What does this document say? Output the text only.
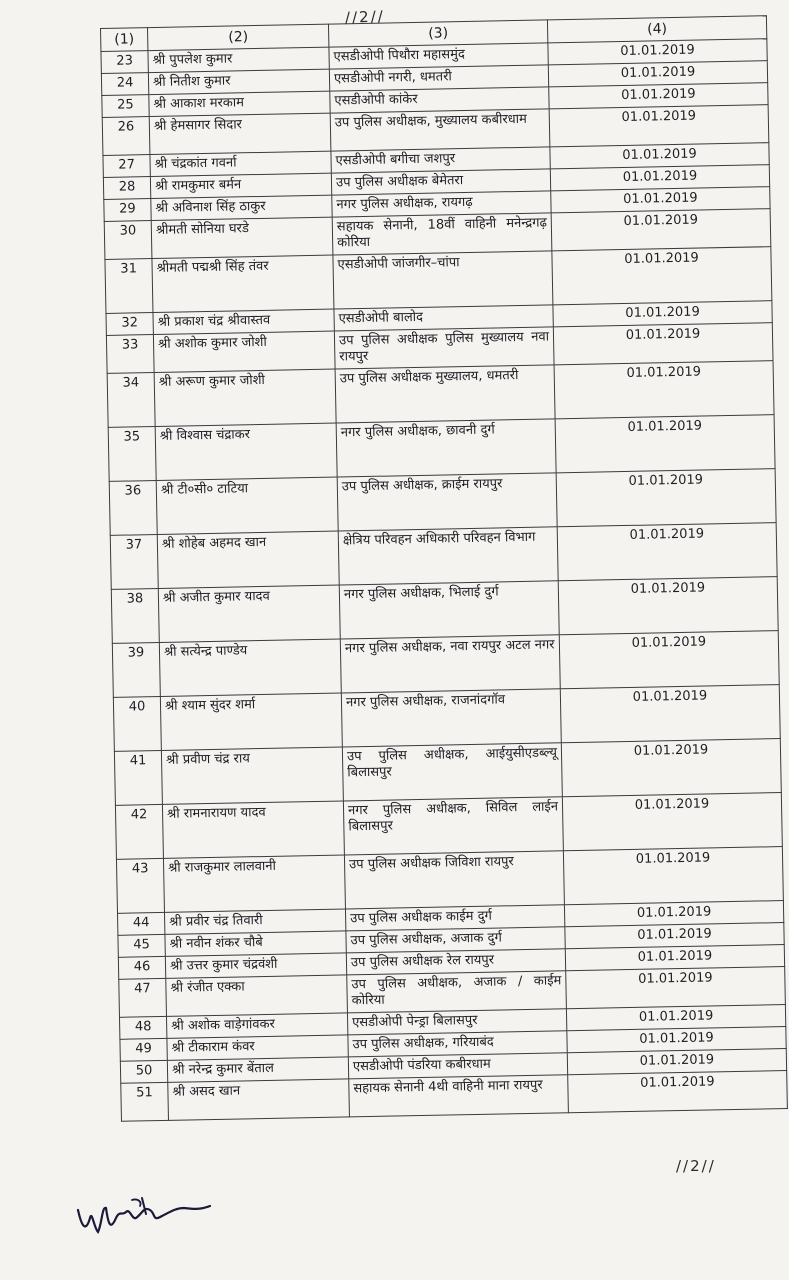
//2//
(1)	(2)	(3)	(4)
23	श्री पुपलेश कुमार	एसडीओपी पिथौरा महासमुंद	01.01.2019
24	श्री नितीश कुमार	एसडीओपी नगरी, धमतरी	01.01.2019
25	श्री आकाश मरकाम	एसडीओपी कांकेर	01.01.2019
26	श्री हेमसागर सिदार	उप पुलिस अधीक्षक, मुख्यालय कबीरधाम	01.01.2019
27	श्री चंद्रकांत गवर्ना	एसडीओपी बगीचा जशपुर	01.01.2019
28	श्री रामकुमार बर्मन	उप पुलिस अधीक्षक बेमेतरा	01.01.2019
29	श्री अविनाश सिंह ठाकुर	नगर पुलिस अधीक्षक, रायगढ़	01.01.2019
30	श्रीमती सोनिया घरडे	सहायक सेनानी, 18वीं वाहिनी मनेन्द्रगढ़ कोरिया	01.01.2019
31	श्रीमती पद्मश्री सिंह तंवर	एसडीओपी जांजगीर–चांपा	01.01.2019
32	श्री प्रकाश चंद्र श्रीवास्तव	एसडीओपी बालोद	01.01.2019
33	श्री अशोक कुमार जोशी	उप पुलिस अधीक्षक पुलिस मुख्यालय नवा रायपुर	01.01.2019
34	श्री अरूण कुमार जोशी	उप पुलिस अधीक्षक मुख्यालय, धमतरी	01.01.2019
35	श्री विश्वास चंद्राकर	नगर पुलिस अधीक्षक, छावनी दुर्ग	01.01.2019
36	श्री टी०सी० टाटिया	उप पुलिस अधीक्षक, क्राईम रायपुर	01.01.2019
37	श्री शोहेब अहमद खान	क्षेत्रिय परिवहन अधिकारी परिवहन विभाग	01.01.2019
38	श्री अजीत कुमार यादव	नगर पुलिस अधीक्षक, भिलाई दुर्ग	01.01.2019
39	श्री सत्येन्द्र पाण्डेय	नगर पुलिस अधीक्षक, नवा रायपुर अटल नगर	01.01.2019
40	श्री श्याम सुंदर शर्मा	नगर पुलिस अधीक्षक, राजनांदगॉव	01.01.2019
41	श्री प्रवीण चंद्र राय	उप पुलिस अधीक्षक, आईयुसीएडब्ल्यू बिलासपुर	01.01.2019
42	श्री रामनारायण यादव	नगर पुलिस अधीक्षक, सिविल लाईन बिलासपुर	01.01.2019
43	श्री राजकुमार लालवानी	उप पुलिस अधीक्षक जिविशा रायपुर	01.01.2019
44	श्री प्रवीर चंद्र तिवारी	उप पुलिस अधीक्षक काईम दुर्ग	01.01.2019
45	श्री नवीन शंकर चौबे	उप पुलिस अधीक्षक, अजाक दुर्ग	01.01.2019
46	श्री उत्तर कुमार चंद्रवंशी	उप पुलिस अधीक्षक रेल रायपुर	01.01.2019
47	श्री रंजीत एक्का	उप पुलिस अधीक्षक, अजाक / काईम कोरिया	01.01.2019
48	श्री अशोक वाड़ेगांवकर	एसडीओपी पेन्ड्रा बिलासपुर	01.01.2019
49	श्री टीकाराम कंवर	उप पुलिस अधीक्षक, गरियाबंद	01.01.2019
50	श्री नरेन्द्र कुमार बेंताल	एसडीओपी पंडरिया कबीरधाम	01.01.2019
51	श्री असद खान	सहायक सेनानी 4थी वाहिनी माना रायपुर	01.01.2019
//2//
